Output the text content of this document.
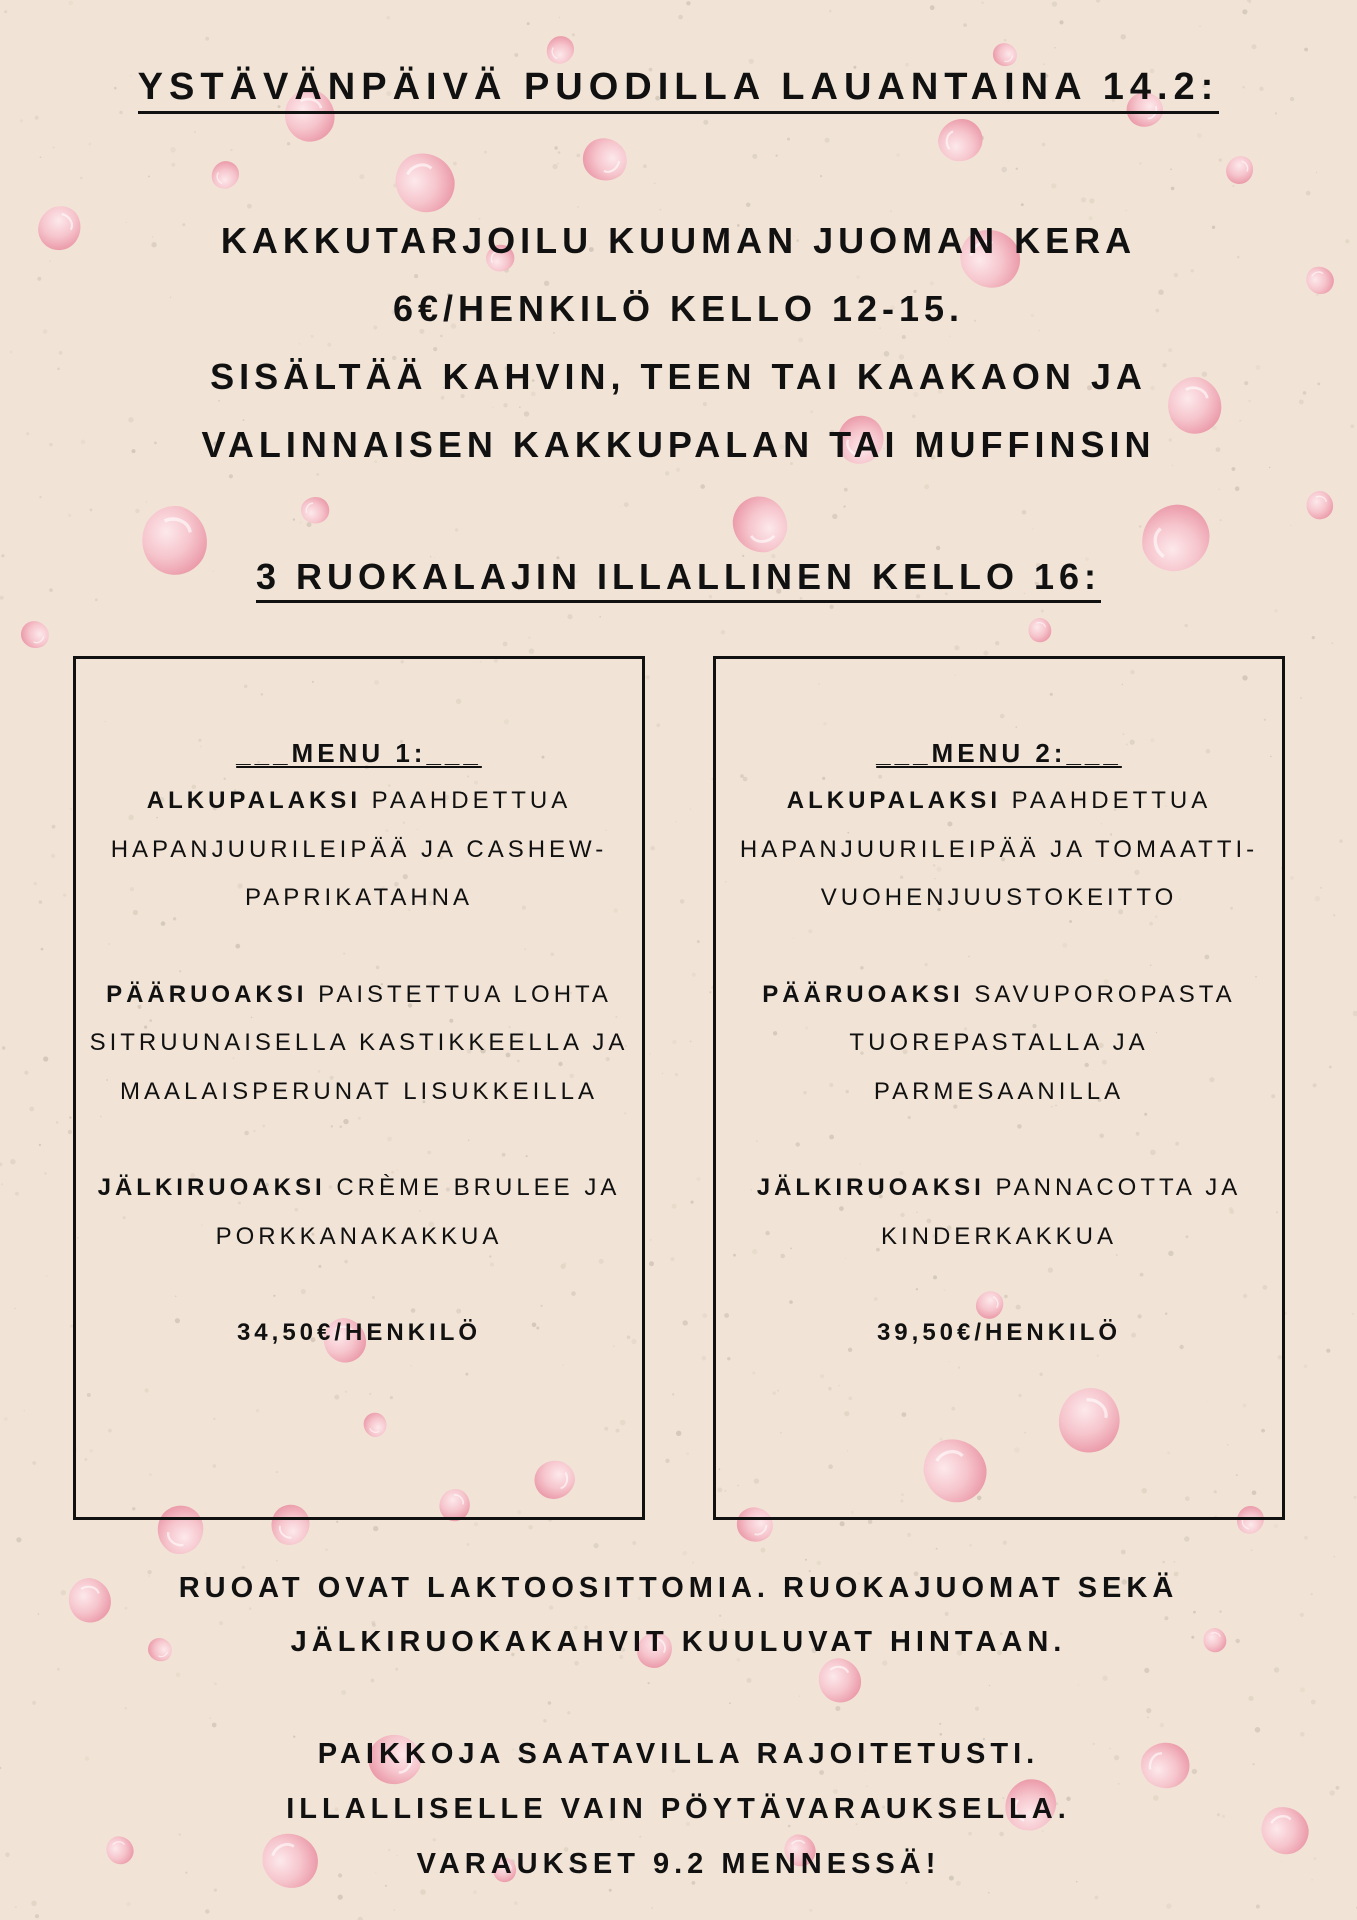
YSTÄVÄNPÄIVÄ PUODILLA LAUANTAINA 14.2:
KAKKUTARJOILU KUUMAN JUOMAN KERA
6€/HENKILÖ KELLO 12-15.
SISÄLTÄÄ KAHVIN, TEEN TAI KAAKAON JA
VALINNAISEN KAKKUPALAN TAI MUFFINSIN
3 RUOKALAJIN ILLALLINEN KELLO 16:
___MENU 1:___
ALKUPALAKSI PAAHDETTUA HAPANJUURILEIPÄÄ JA CASHEW-PAPRIKATAHNA
PÄÄRUOAKSI PAISTETTUA LOHTA SITRUUNAISELLA KASTIKKEELLA JA MAALAISPERUNAT LISUKKEILLA
JÄLKIRUOAKSI CRÈME BRULEE JA PORKKANAKAKKUA
34,50€/HENKILÖ
___MENU 2:___
ALKUPALAKSI PAAHDETTUA HAPANJUURILEIPÄÄ JA TOMAATTI-VUOHENJUUSTOKEITTO
PÄÄRUOAKSI SAVUPOROPASTA TUOREPASTALLA JA PARMESAANILLA
JÄLKIRUOAKSI PANNACOTTA JA KINDERKAKKUA
39,50€/HENKILÖ
RUOAT OVAT LAKTOOSITTOMIA. RUOKAJUOMAT SEKÄ
JÄLKIRUOKAKAHVIT KUULUVAT HINTAAN.
PAIKKOJA SAATAVILLA RAJOITETUSTI.
ILLALLISELLE VAIN PÖYTÄVARAUKSELLA.
VARAUKSET 9.2 MENNESSÄ!
